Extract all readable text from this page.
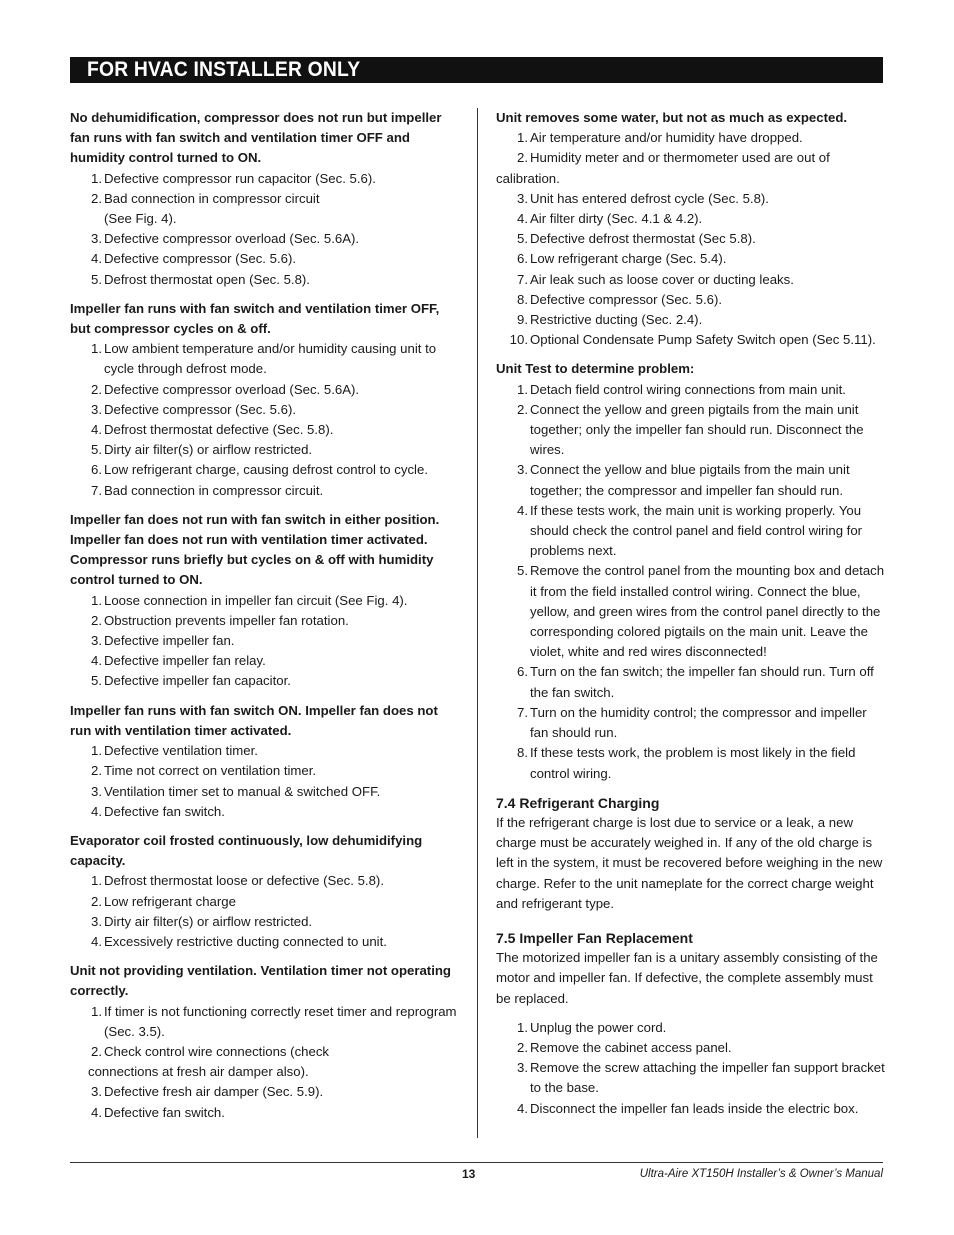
FOR HVAC INSTALLER ONLY

No dehumidification, compressor does not run but impeller fan runs with fan switch and ventilation timer OFF and humidity control turned to ON.

1. Defective compressor run capacitor (Sec. 5.6).
2. Bad connection in compressor circuit
(See Fig. 4).
3. Defective compressor overload (Sec. 5.6A).
4. Defective compressor (Sec. 5.6).
5. Defrost thermostat open (Sec. 5.8).

Impeller fan runs with fan switch and ventilation timer OFF, but compressor cycles on & off.

1. Low ambient temperature and/or humidity causing unit to cycle through defrost mode.
2. Defective compressor overload (Sec. 5.6A).
3. Defective compressor (Sec. 5.6).
4. Defrost thermostat defective (Sec. 5.8).
5. Dirty air filter(s) or airflow restricted.
6. Low refrigerant charge, causing defrost control to cycle.
7. Bad connection in compressor circuit.

Impeller fan does not run with fan switch in either position. Impeller fan does not run with ventilation timer activated. Compressor runs briefly but cycles on & off with humidity control turned to ON.

1. Loose connection in impeller fan circuit (See Fig. 4).
2. Obstruction prevents impeller fan rotation.
3. Defective impeller fan.
4. Defective impeller fan relay.
5. Defective impeller fan capacitor.

Impeller fan runs with fan switch ON. Impeller fan does not run with ventilation timer activated.

1. Defective ventilation timer.
2. Time not correct on ventilation timer.
3. Ventilation timer set to manual & switched OFF.
4. Defective fan switch.

Evaporator coil frosted continuously, low dehumidifying capacity.

1. Defrost thermostat loose or defective (Sec. 5.8).
2. Low refrigerant charge
3. Dirty air filter(s) or airflow restricted.
4. Excessively restrictive ducting connected to unit.

Unit not providing ventilation. Ventilation timer not operating correctly.

1. If timer is not functioning correctly reset timer and reprogram (Sec. 3.5).
2. Check control wire connections (check
connections at fresh air damper also).
3. Defective fresh air damper (Sec. 5.9).
4. Defective fan switch.

Unit removes some water, but not as much as expected.

1. Air temperature and/or humidity have dropped.
2. Humidity meter and or thermometer used are out of
calibration.
3. Unit has entered defrost cycle (Sec. 5.8).
4. Air filter dirty (Sec. 4.1 & 4.2).
5. Defective defrost thermostat (Sec 5.8).
6. Low refrigerant charge (Sec. 5.4).
7. Air leak such as loose cover or ducting leaks.
8. Defective compressor (Sec. 5.6).
9. Restrictive ducting (Sec. 2.4).
10. Optional Condensate Pump Safety Switch open (Sec 5.11).

Unit Test to determine problem:

1. Detach field control wiring connections from main unit.
2. Connect the yellow and green pigtails from the main unit together; only the impeller fan should run. Disconnect the wires.
3. Connect the yellow and blue pigtails from the main unit together; the compressor and impeller fan should run.
4. If these tests work, the main unit is working properly. You should check the control panel and field control wiring for problems next.
5. Remove the control panel from the mounting box and detach it from the field installed control wiring. Connect the blue, yellow, and green wires from the control panel directly to the corresponding colored pigtails on the main unit. Leave the violet, white and red wires disconnected!
6. Turn on the fan switch; the impeller fan should run. Turn off the fan switch.
7. Turn on the humidity control; the compressor and impeller fan should run.
8. If these tests work, the problem is most likely in the field control wiring.

7.4 Refrigerant Charging

If the refrigerant charge is lost due to service or a leak, a new charge must be accurately weighed in. If any of the old charge is left in the system, it must be recovered before weighing in the new charge. Refer to the unit nameplate for the correct charge weight and refrigerant type.

7.5 Impeller Fan Replacement

The motorized impeller fan is a unitary assembly consisting of the motor and impeller fan. If defective, the complete assembly must be replaced.

1. Unplug the power cord.
2. Remove the cabinet access panel.
3. Remove the screw attaching the impeller fan support bracket to the base.
4. Disconnect the impeller fan leads inside the electric box.
13	Ultra-Aire XT150H Installer’s & Owner’s Manual
